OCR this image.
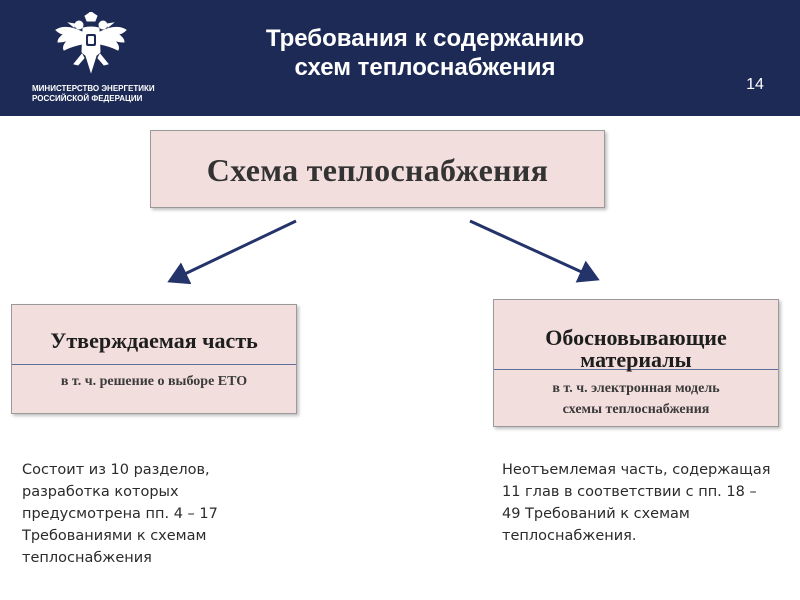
МИНИСТЕРСТВО ЭНЕРГЕТИКИ
РОССИЙСКОЙ ФЕДЕРАЦИИ
Требования к содержанию
схем теплоснабжения
14
Схема теплоснабжения
Утверждаемая часть
в т. ч. решение о выборе ЕТО
Обосновывающие
материалы
в т. ч. электронная модель
схемы теплоснабжения
Состоит из 10 разделов,
разработка которых
предусмотрена пп. 4 – 17
Требованиями к схемам
теплоснабжения
Неотъемлемая часть, содержащая
11 глав в соответствии с пп. 18 –
49 Требований к схемам
теплоснабжения.
